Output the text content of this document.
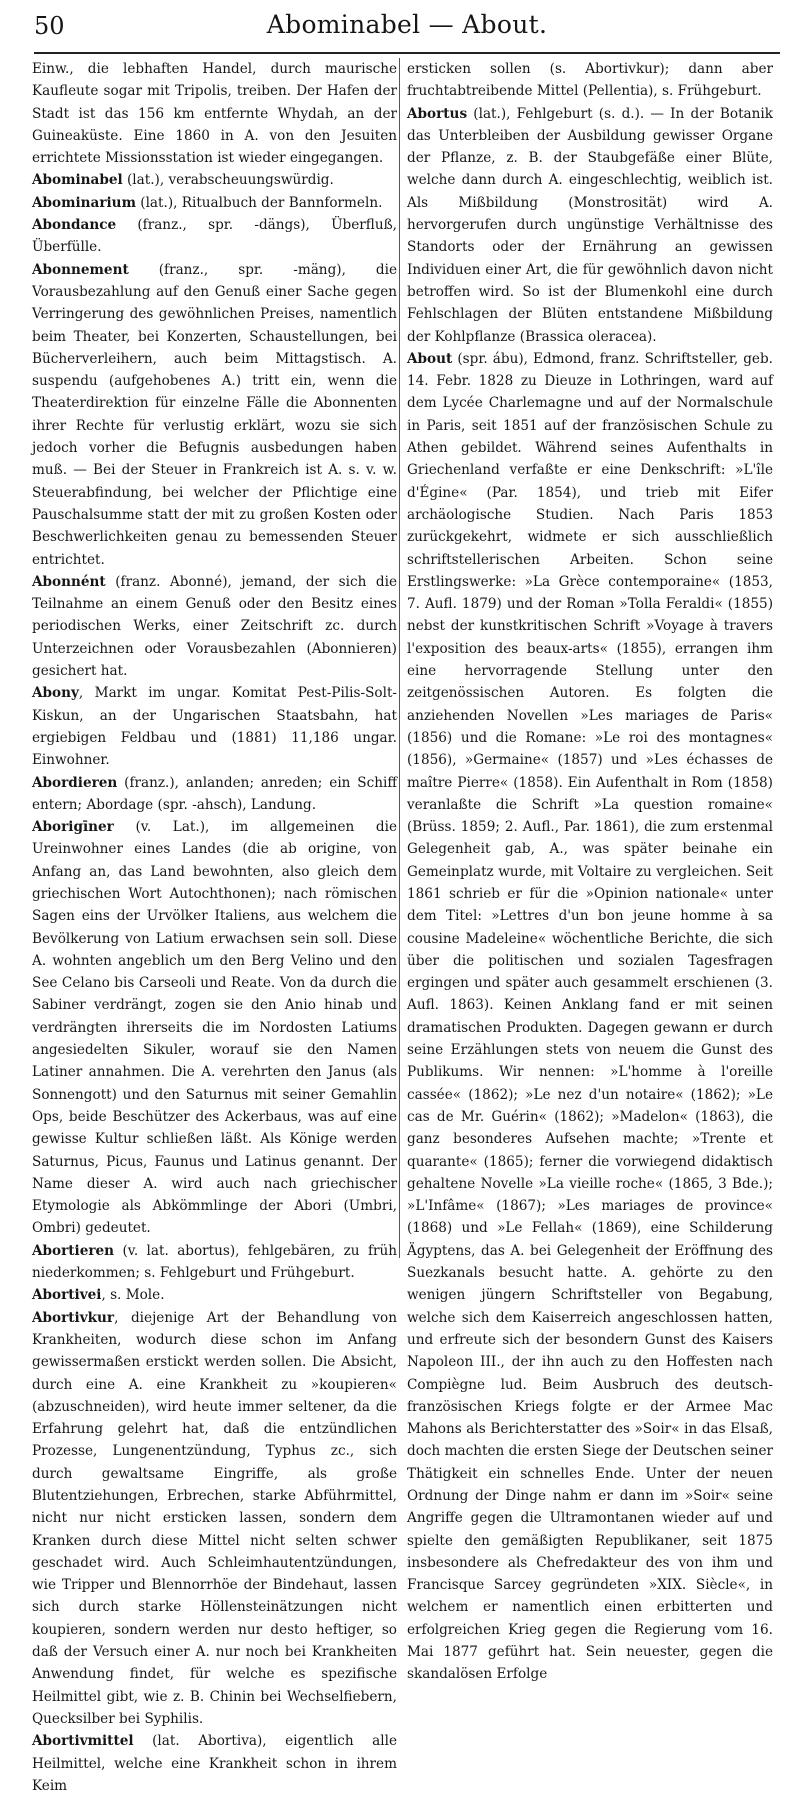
50	Abominabel — About.

Einw., die lebhaften Handel, durch maurische Kaufleute sogar mit Tripolis, treiben. Der Hafen der Stadt ist das 156 km entfernte Whydah, an der Guineaküste. Eine 1860 in A. von den Jesuiten errichtete Missionsstation ist wieder eingegangen.

Abominabel (lat.), verabscheuungswürdig.

Abominarium (lat.), Ritualbuch der Bannformeln.

Abondance (franz., spr. -dängs), Überfluß, Überfülle.

Abonnement (franz., spr. -mäng), die Vorausbezahlung auf den Genuß einer Sache gegen Verringerung des gewöhnlichen Preises, namentlich beim Theater, bei Konzerten, Schaustellungen, bei Bücherverleihern, auch beim Mittagstisch. A. suspendu (aufgehobenes A.) tritt ein, wenn die Theaterdirektion für einzelne Fälle die Abonnenten ihrer Rechte für verlustig erklärt, wozu sie sich jedoch vorher die Befugnis ausbedungen haben muß. — Bei der Steuer in Frankreich ist A. s. v. w. Steuerabfindung, bei welcher der Pflichtige eine Pauschalsumme statt der mit zu großen Kosten oder Beschwerlichkeiten genau zu bemessenden Steuer entrichtet.

Abonnént (franz. Abonné), jemand, der sich die Teilnahme an einem Genuß oder den Besitz eines periodischen Werks, einer Zeitschrift zc. durch Unterzeichnen oder Vorausbezahlen (Abonnieren) gesichert hat.

Abony, Markt im ungar. Komitat Pest-Pilis-Solt-Kiskun, an der Ungarischen Staatsbahn, hat ergiebigen Feldbau und (1881) 11,186 ungar. Einwohner.

Abordieren (franz.), anlanden; anreden; ein Schiff entern; Abordage (spr. -ahsch), Landung.

Aborigīner (v. Lat.), im allgemeinen die Ureinwohner eines Landes (die ab origine, von Anfang an, das Land bewohnten, also gleich dem griechischen Wort Autochthonen); nach römischen Sagen eins der Urvölker Italiens, aus welchem die Bevölkerung von Latium erwachsen sein soll. Diese A. wohnten angeblich um den Berg Velino und den See Celano bis Carseoli und Reate. Von da durch die Sabiner verdrängt, zogen sie den Anio hinab und verdrängten ihrerseits die im Nordosten Latiums angesiedelten Sikuler, worauf sie den Namen Latiner annahmen. Die A. verehrten den Janus (als Sonnengott) und den Saturnus mit seiner Gemahlin Ops, beide Beschützer des Ackerbaus, was auf eine gewisse Kultur schließen läßt. Als Könige werden Saturnus, Picus, Faunus und Latinus genannt. Der Name dieser A. wird auch nach griechischer Etymologie als Abkömmlinge der Abori (Umbri, Ombri) gedeutet.

Abortieren (v. lat. abortus), fehlgebären, zu früh niederkommen; s. Fehlgeburt und Frühgeburt.

Abortivei, s. Mole.

Abortivkur, diejenige Art der Behandlung von Krankheiten, wodurch diese schon im Anfang gewissermaßen erstickt werden sollen. Die Absicht, durch eine A. eine Krankheit zu »koupieren« (abzuschneiden), wird heute immer seltener, da die Erfahrung gelehrt hat, daß die entzündlichen Prozesse, Lungenentzündung, Typhus zc., sich durch gewaltsame Eingriffe, als große Blutentziehungen, Erbrechen, starke Abführmittel, nicht nur nicht ersticken lassen, sondern dem Kranken durch diese Mittel nicht selten schwer geschadet wird. Auch Schleimhautentzündungen, wie Tripper und Blennorrhöe der Bindehaut, lassen sich durch starke Höllensteinätzungen nicht koupieren, sondern werden nur desto heftiger, so daß der Versuch einer A. nur noch bei Krankheiten Anwendung findet, für welche es spezifische Heilmittel gibt, wie z. B. Chinin bei Wechselfiebern, Quecksilber bei Syphilis.

Abortivmittel (lat. Abortiva), eigentlich alle Heilmittel, welche eine Krankheit schon in ihrem Keim

ersticken sollen (s. Abortivkur); dann aber fruchtabtreibende Mittel (Pellentia), s. Frühgeburt.

Abortus (lat.), Fehlgeburt (s. d.). — In der Botanik das Unterbleiben der Ausbildung gewisser Organe der Pflanze, z. B. der Staubgefäße einer Blüte, welche dann durch A. eingeschlechtig, weiblich ist. Als Mißbildung (Monstrosität) wird A. hervorgerufen durch ungünstige Verhältnisse des Standorts oder der Ernährung an gewissen Individuen einer Art, die für gewöhnlich davon nicht betroffen wird. So ist der Blumenkohl eine durch Fehlschlagen der Blüten entstandene Mißbildung der Kohlpflanze (Brassica oleracea).

About (spr. ábu), Edmond, franz. Schriftsteller, geb. 14. Febr. 1828 zu Dieuze in Lothringen, ward auf dem Lycée Charlemagne und auf der Normalschule in Paris, seit 1851 auf der französischen Schule zu Athen gebildet. Während seines Aufenthalts in Griechenland verfaßte er eine Denkschrift: »L'île d'Égine« (Par. 1854), und trieb mit Eifer archäologische Studien. Nach Paris 1853 zurückgekehrt, widmete er sich ausschließlich schriftstellerischen Arbeiten. Schon seine Erstlingswerke: »La Grèce contemporaine« (1853, 7. Aufl. 1879) und der Roman »Tolla Feraldi« (1855) nebst der kunstkritischen Schrift »Voyage à travers l'exposition des beaux-arts« (1855), errangen ihm eine hervorragende Stellung unter den zeitgenössischen Autoren. Es folgten die anziehenden Novellen »Les mariages de Paris« (1856) und die Romane: »Le roi des montagnes« (1856), »Germaine« (1857) und »Les échasses de maître Pierre« (1858). Ein Aufenthalt in Rom (1858) veranlaßte die Schrift »La question romaine« (Brüss. 1859; 2. Aufl., Par. 1861), die zum erstenmal Gelegenheit gab, A., was später beinahe ein Gemeinplatz wurde, mit Voltaire zu vergleichen. Seit 1861 schrieb er für die »Opinion nationale« unter dem Titel: »Lettres d'un bon jeune homme à sa cousine Madeleine« wöchentliche Berichte, die sich über die politischen und sozialen Tagesfragen ergingen und später auch gesammelt erschienen (3. Aufl. 1863). Keinen Anklang fand er mit seinen dramatischen Produkten. Dagegen gewann er durch seine Erzählungen stets von neuem die Gunst des Publikums. Wir nennen: »L'homme à l'oreille cassée« (1862); »Le nez d'un notaire« (1862); »Le cas de Mr. Guérin« (1862); »Madelon« (1863), die ganz besonderes Aufsehen machte; »Trente et quarante« (1865); ferner die vorwiegend didaktisch gehaltene Novelle »La vieille roche« (1865, 3 Bde.); »L'Infâme« (1867); »Les mariages de province« (1868) und »Le Fellah« (1869), eine Schilderung Ägyptens, das A. bei Gelegenheit der Eröffnung des Suezkanals besucht hatte. A. gehörte zu den wenigen jüngern Schriftsteller von Begabung, welche sich dem Kaiserreich angeschlossen hatten, und erfreute sich der besondern Gunst des Kaisers Napoleon III., der ihn auch zu den Hoffesten nach Compiègne lud. Beim Ausbruch des deutsch-französischen Kriegs folgte er der Armee Mac Mahons als Berichterstatter des »Soir« in das Elsaß, doch machten die ersten Siege der Deutschen seiner Thätigkeit ein schnelles Ende. Unter der neuen Ordnung der Dinge nahm er dann im »Soir« seine Angriffe gegen die Ultramontanen wieder auf und spielte den gemäßigten Republikaner, seit 1875 insbesondere als Chefredakteur des von ihm und Francisque Sarcey gegründeten »XIX. Siècle«, in welchem er namentlich einen erbitterten und erfolgreichen Krieg gegen die Regierung vom 16. Mai 1877 geführt hat. Sein neuester, gegen die skandalösen Erfolge
